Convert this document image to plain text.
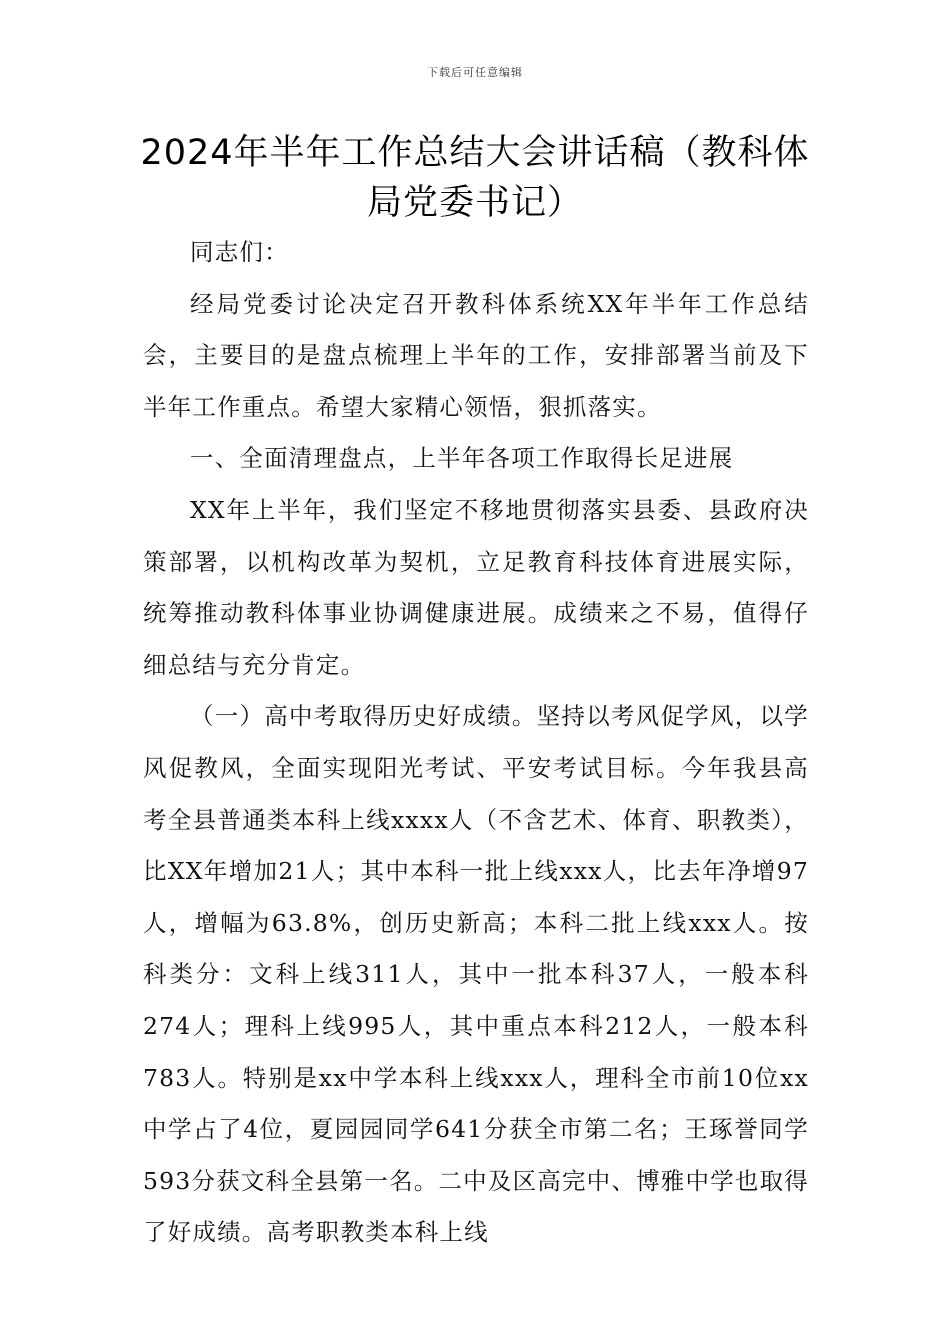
下载后可任意编辑
2024年半年工作总结大会讲话稿（教科体局党委书记）

同志们：

经局党委讨论决定召开教科体系统XX年半年工作总结会，主要目的是盘点梳理上半年的工作，安排部署当前及下半年工作重点。希望大家精心领悟，狠抓落实。

一、全面清理盘点，上半年各项工作取得长足进展

XX年上半年，我们坚定不移地贯彻落实县委、县政府决策部署，以机构改革为契机，立足教育科技体育进展实际，统筹推动教科体事业协调健康进展。成绩来之不易，值得仔细总结与充分肯定。

（一）高中考取得历史好成绩。坚持以考风促学风，以学风促教风，全面实现阳光考试、平安考试目标。今年我县高考全县普通类本科上线xxxx人（不含艺术、体育、职教类），比XX年增加21人；其中本科一批上线xxx人，比去年净增97人，增幅为63.8%，创历史新高；本科二批上线xxx人。按科类分：文科上线311人，其中一批本科37人，一般本科274人；理科上线995人，其中重点本科212人，一般本科783人。特别是xx中学本科上线xxx人，理科全市前10位xx中学占了4位，夏园园同学641分获全市第二名；王琢誉同学593分获文科全县第一名。二中及区高完中、博雅中学也取得了好成绩。高考职教类本科上线
